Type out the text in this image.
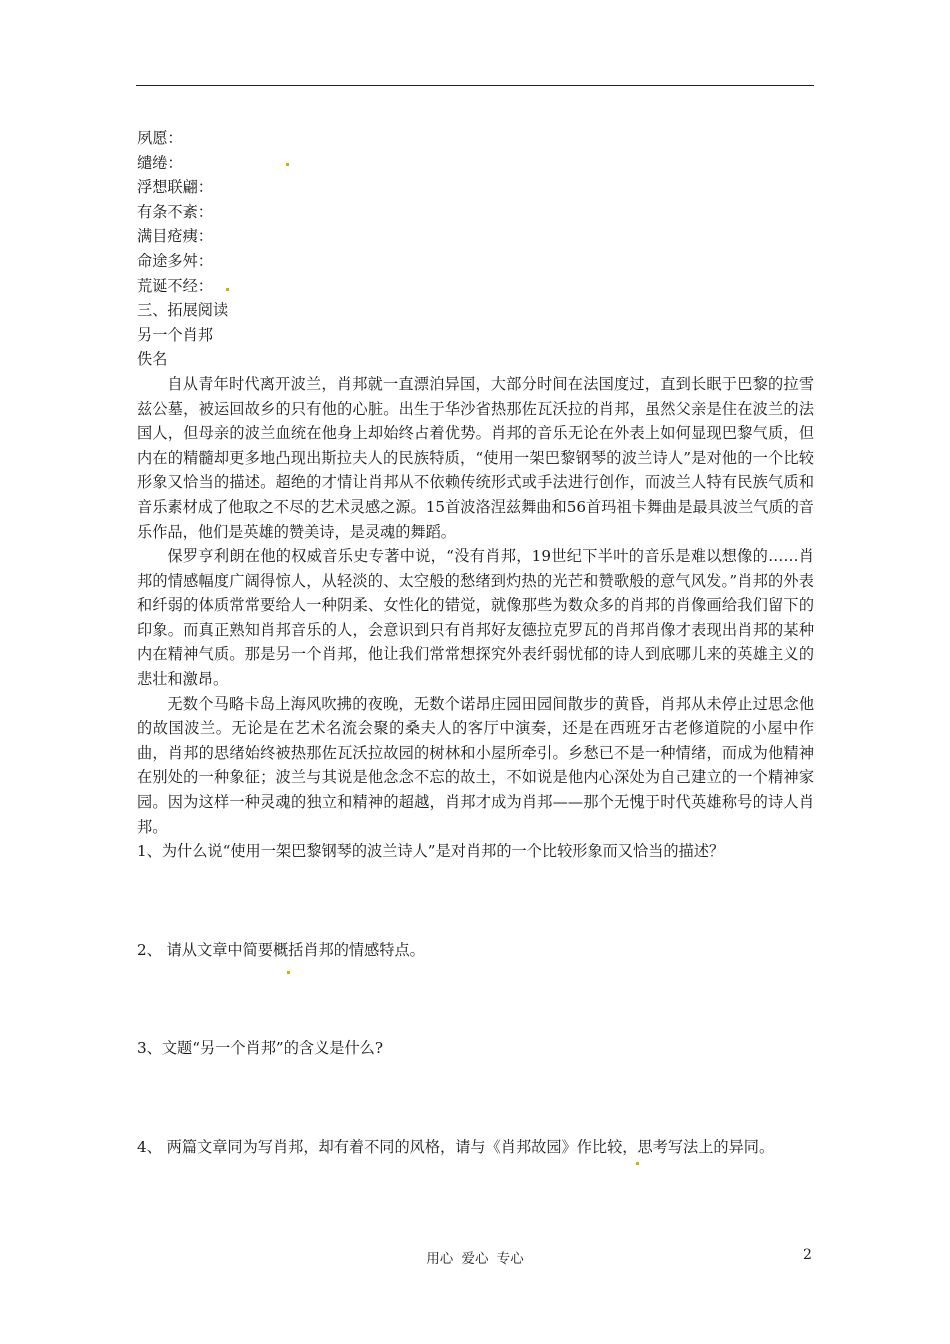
夙愿：
缱绻：
浮想联翩：
有条不紊：
满目疮痍：
命途多舛：
荒诞不经：
三、拓展阅读
另一个肖邦
佚名

自从青年时代离开波兰，肖邦就一直漂泊异国，大部分时间在法国度过，直到长眠于巴黎的拉雪兹公墓，被运回故乡的只有他的心脏。出生于华沙省热那佐瓦沃拉的肖邦，虽然父亲是住在波兰的法国人，但母亲的波兰血统在他身上却始终占着优势。肖邦的音乐无论在外表上如何显现巴黎气质，但内在的精髓却更多地凸现出斯拉夫人的民族特质，“使用一架巴黎钢琴的波兰诗人”是对他的一个比较形象又恰当的描述。超绝的才情让肖邦从不依赖传统形式或手法进行创作，而波兰人特有民族气质和音乐素材成了他取之不尽的艺术灵感之源。15首波洛涅兹舞曲和56首玛祖卡舞曲是最具波兰气质的音乐作品，他们是英雄的赞美诗，是灵魂的舞蹈。

保罗亨利朗在他的权威音乐史专著中说，“没有肖邦，19世纪下半叶的音乐是难以想像的……肖邦的情感幅度广阔得惊人，从轻淡的、太空般的愁绪到灼热的光芒和赞歌般的意气风发。”肖邦的外表和纤弱的体质常常要给人一种阴柔、女性化的错觉，就像那些为数众多的肖邦的肖像画给我们留下的印象。而真正熟知肖邦音乐的人，会意识到只有肖邦好友德拉克罗瓦的肖邦肖像才表现出肖邦的某种内在精神气质。那是另一个肖邦，他让我们常常想探究外表纤弱忧郁的诗人到底哪儿来的英雄主义的悲壮和激昂。

无数个马略卡岛上海风吹拂的夜晚，无数个诺昂庄园田园间散步的黄昏，肖邦从未停止过思念他的故国波兰。无论是在艺术名流会聚的桑夫人的客厅中演奏，还是在西班牙古老修道院的小屋中作曲，肖邦的思绪始终被热那佐瓦沃拉故园的树林和小屋所牵引。乡愁已不是一种情绪，而成为他精神在别处的一种象征；波兰与其说是他念念不忘的故土，不如说是他内心深处为自己建立的一个精神家园。因为这样一种灵魂的独立和精神的超越，肖邦才成为肖邦——那个无愧于时代英雄称号的诗人肖邦。

1、为什么说“使用一架巴黎钢琴的波兰诗人”是对肖邦的一个比较形象而又恰当的描述？
2、 请从文章中简要概括肖邦的情感特点。
3、文题“另一个肖邦”的含义是什么?
4、 两篇文章同为写肖邦，却有着不同的风格，请与《肖邦故园》作比较，思考写法上的异同。
用心 爱心 专心	2
